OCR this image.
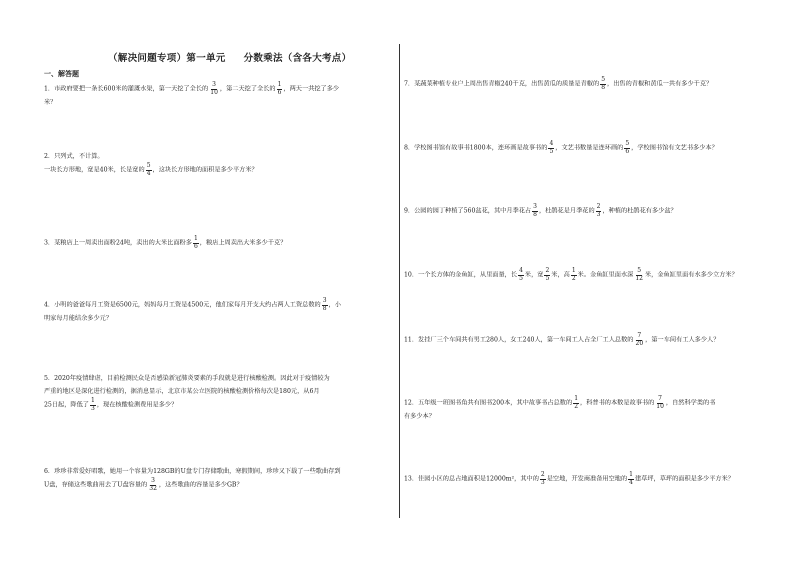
（解决问题专项）第一单元 分数乘法（含各大考点）
一、解答题
1．市政府要把一条长600米的灌溉水渠，第一天挖了全长的 $\frac{3}{10}$ ，第二天挖了全长的 $\frac{1}{6}$ ，两天一共挖了多少
米？
2．只列式，不计算。
一块长方形地，宽是40米，长是宽的 $\frac{5}{4}$ ，这块长方形地的面积是多少平方米？
3．某粮店上一周卖出面粉24吨，卖出的大米比面粉多 $\frac{1}{6}$ ，粮店上周卖出大米多少千克？
4．小明的爸爸每月工资是6500元，妈妈每月工资是4500元，他们家每月开支大约占两人工资总数的 $\frac{3}{8}$ ，小
明家每月能结余多少元？
5．2020年疫情肆虐，目前检测民众是否感染新冠肺炎要素的手段就是进行核酸检测。因此对于疫情较为
严重的地区是深化进行检测的，据消息显示，北京市某公立医院的核酸检测价格每次是180元，从6月
25日起，降低了 $\frac{1}{3}$ ，现在核酸检测费用是多少？
6．珍珍非常爱好唱歌，她用一个容量为128GB的U盘专门存储歌曲，寒假期间，珍珍又下载了一些歌曲存到
U盘，存储这些歌曲用去了U盘容量的 $\frac{3}{32}$ ，这些歌曲的容量是多少GB？
7．某蔬菜种植专业户上周出售青椒240千克，出售黄瓜的质量是青椒的 $\frac{5}{8}$ ，出售的青椒和黄瓜一共有多少千克？
8．学校图书馆有故事书1800本，连环画是故事书的 $\frac{4}{5}$ ，文艺书数量是连环画的 $\frac{5}{6}$ ，学校图书馆有文艺书多少本？
9．公园的园丁种植了560盆花，其中月季花占 $\frac{3}{8}$ ，杜鹃花是月季花的 $\frac{2}{3}$ ，种植的杜鹃花有多少盆？
10．一个长方体的金鱼缸，从里面量，长 $\frac{4}{5}$ 米，宽 $\frac{2}{5}$ 米，高 $\frac{1}{2}$ 米。金鱼缸里面水深 $\frac{5}{12}$ 米，金鱼缸里面有水多少立方米？
11．发挂厂三个车间共有男工280人，女工240人，第一车间工人占全厂工人总数的 $\frac{7}{20}$ ，第一车间有工人多少人？
12．五年级一班图书角共有图书200本，其中故事书占总数的 $\frac{1}{2}$ ，科普书的本数是故事书的 $\frac{7}{10}$ ，自然科学类的书
有多少本？
13．佳园小区的总占地面积是12000m²，其中的 $\frac{2}{3}$ 是空地，开发商准备用空地的 $\frac{1}{4}$ 建草坪，草坪的面积是多少平方米？
